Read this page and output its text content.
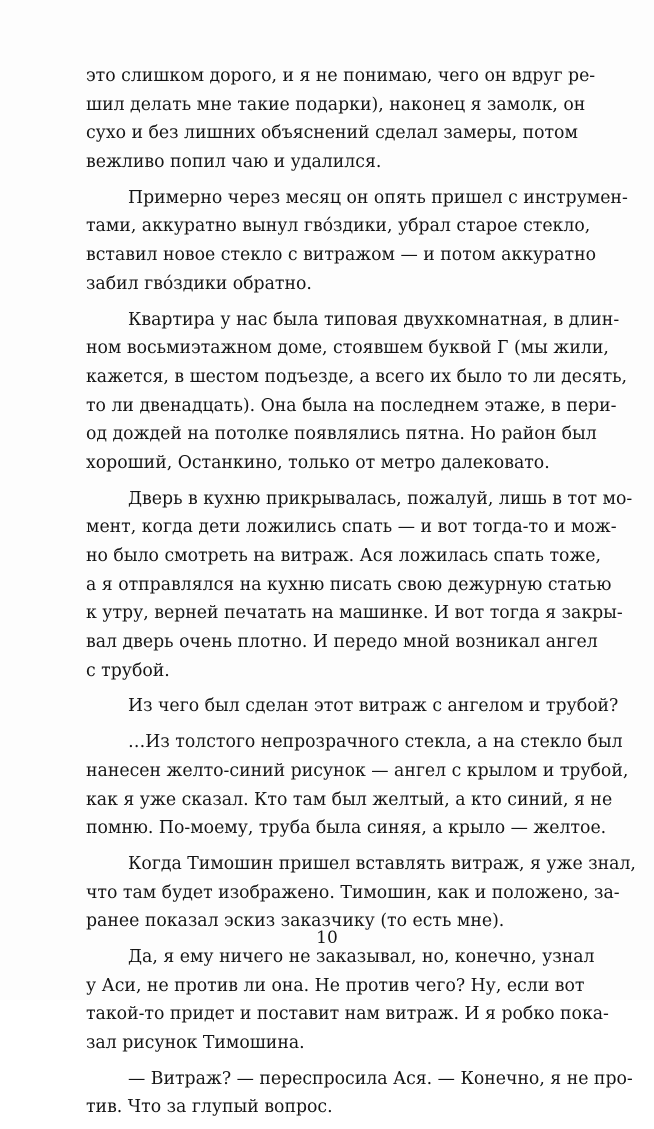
это слишком дорого, и я не понимаю, чего он вдруг ре-
шил делать мне такие подарки), наконец я замолк, он
сухо и без лишних объяснений сделал замеры, потом
вежливо попил чаю и удалился.
Примерно через месяц он опять пришел с инструмен-
тами, аккуратно вынул гвóздики, убрал старое стекло,
вставил новое стекло с витражом — и потом аккуратно
забил гвóздики обратно.
Квартира у нас была типовая двухкомнатная, в длин-
ном восьмиэтажном доме, стоявшем буквой Г (мы жили,
кажется, в шестом подъезде, а всего их было то ли десять,
то ли двенадцать). Она была на последнем этаже, в пери-
од дождей на потолке появлялись пятна. Но район был
хороший, Останкино, только от метро далековато.
Дверь в кухню прикрывалась, пожалуй, лишь в тот мо-
мент, когда дети ложились спать — и вот тогда-то и мож-
но было смотреть на витраж. Ася ложилась спать тоже,
а я отправлялся на кухню писать свою дежурную статью
к утру, верней печатать на машинке. И вот тогда я закры-
вал дверь очень плотно. И передо мной возникал ангел
с трубой.
Из чего был сделан этот витраж с ангелом и трубой?
…Из толстого непрозрачного стекла, а на стекло был
нанесен желто-синий рисунок — ангел с крылом и трубой,
как я уже сказал. Кто там был желтый, а кто синий, я не
помню. По-моему, труба была синяя, а крыло — желтое.
Когда Тимошин пришел вставлять витраж, я уже знал,
что там будет изображено. Тимошин, как и положено, за-
ранее показал эскиз заказчику (то есть мне).
Да, я ему ничего не заказывал, но, конечно, узнал
у Аси, не против ли она. Не против чего? Ну, если вот
такой-то придет и поставит нам витраж. И я робко пока-
зал рисунок Тимошина.
— Витраж? — переспросила Ася. — Конечно, я не про-
тив. Что за глупый вопрос.
10
